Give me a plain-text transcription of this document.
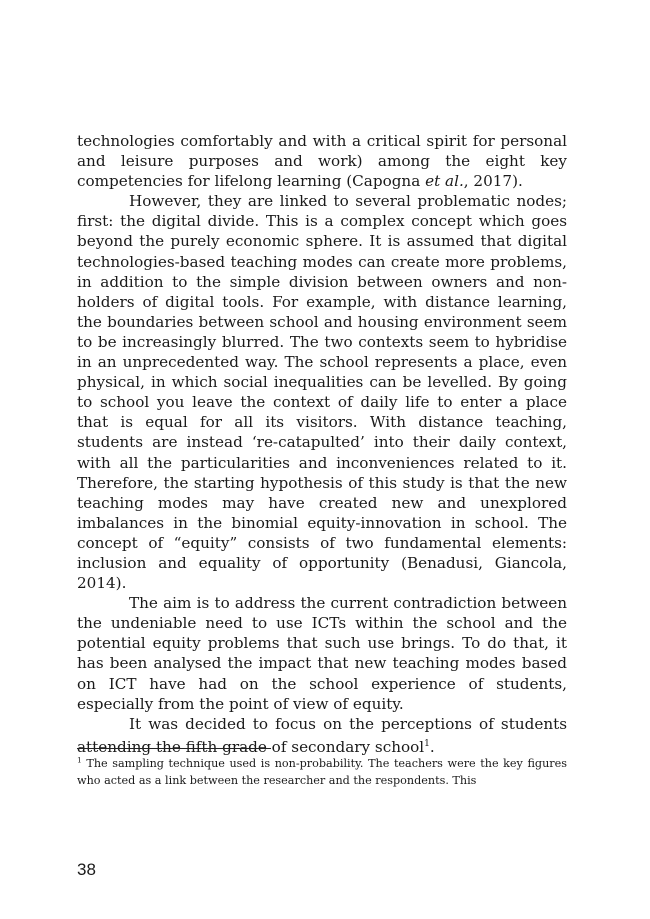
technologies comfortably and with a critical spirit for personal and leisure purposes and work) among the eight key competencies for lifelong learning (Capogna et al., 2017).

However, they are linked to several problematic nodes; first: the digital divide. This is a complex concept which goes beyond the purely economic sphere. It is assumed that digital technologies-based teaching modes can create more problems, in addition to the simple division between owners and non-holders of digital tools. For example, with distance learning, the boundaries between school and housing environment seem to be increasingly blurred. The two contexts seem to hybridise in an unprecedented way. The school represents a place, even physical, in which social inequalities can be levelled. By going to school you leave the context of daily life to enter a place that is equal for all its visitors. With distance teaching, students are instead ‘re-catapulted’ into their daily context, with all the particularities and inconveniences related to it. Therefore, the starting hypothesis of this study is that the new teaching modes may have created new and unexplored imbalances in the binomial equity-innovation in school. The concept of “equity” consists of two fundamental elements: inclusion and equality of opportunity (Benadusi, Giancola, 2014).

The aim is to address the current contradiction between the undeniable need to use ICTs within the school and the potential equity problems that such use brings. To do that, it has been analysed the impact that new teaching modes based on ICT have had on the school experience of students, especially from the point of view of equity.

It was decided to focus on the perceptions of students attending the fifth grade of secondary school$^1$.

$^1$ The sampling technique used is non-probability. The teachers were the key figures who acted as a link between the researcher and the respondents. This
38
